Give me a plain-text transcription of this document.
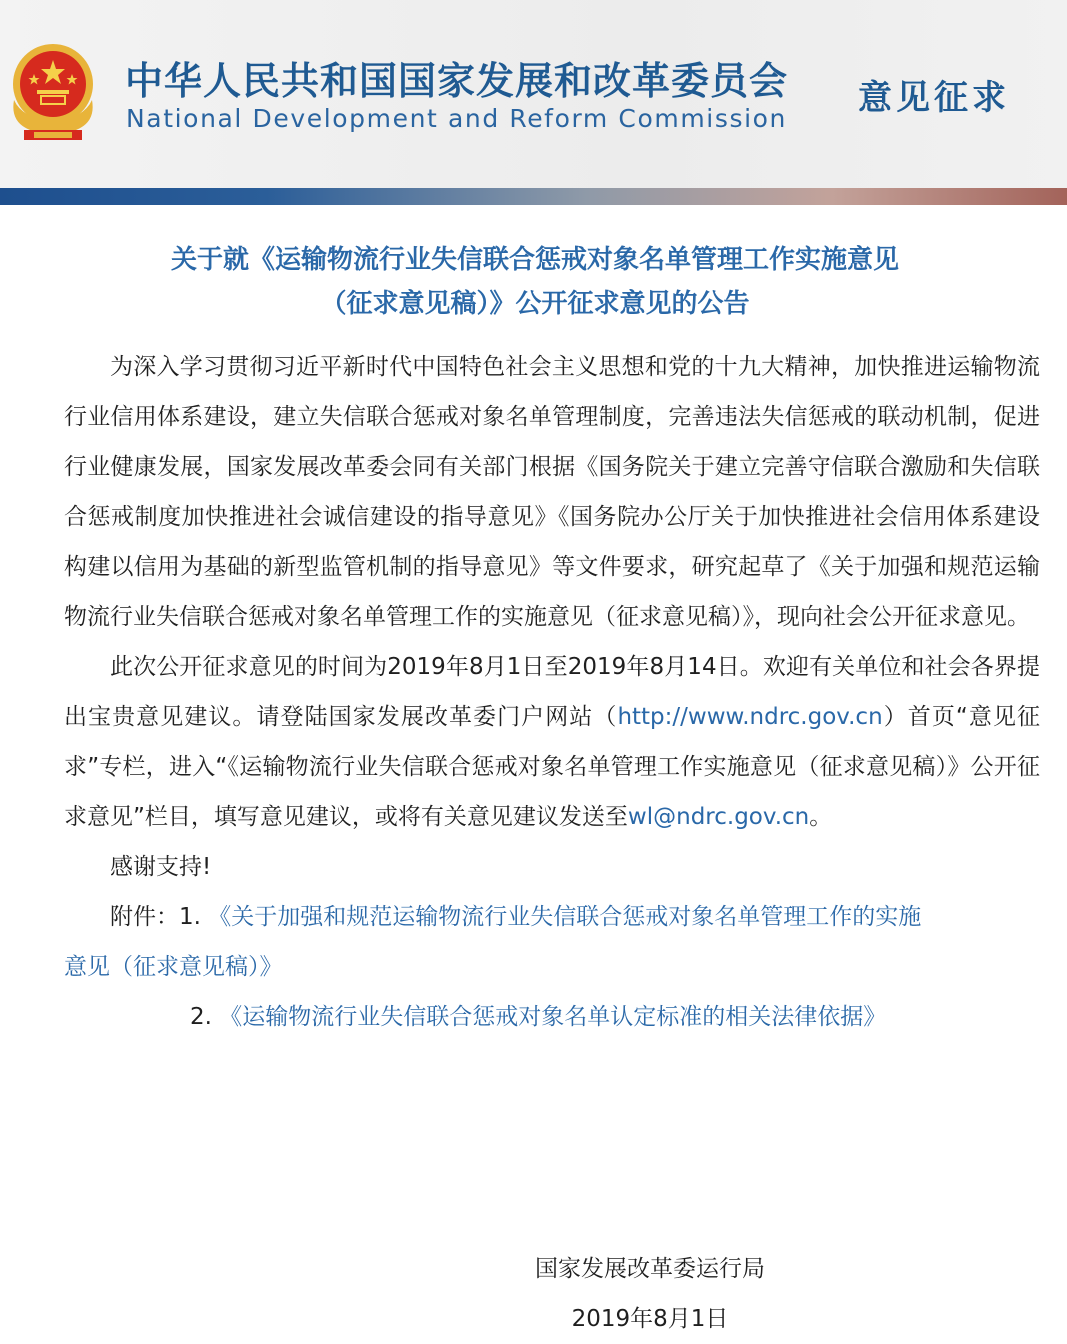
中华人民共和国国家发展和改革委员会
National Development and Reform Commission
意见征求
关于就《运输物流行业失信联合惩戒对象名单管理工作实施意见
（征求意见稿）》公开征求意见的公告

为深入学习贯彻习近平新时代中国特色社会主义思想和党的十九大精神，加快推进运输物流行业信用体系建设，建立失信联合惩戒对象名单管理制度，完善违法失信惩戒的联动机制，促进行业健康发展，国家发展改革委会同有关部门根据《国务院关于建立完善守信联合激励和失信联合惩戒制度加快推进社会诚信建设的指导意见》《国务院办公厅关于加快推进社会信用体系建设构建以信用为基础的新型监管机制的指导意见》等文件要求，研究起草了《关于加强和规范运输物流行业失信联合惩戒对象名单管理工作的实施意见（征求意见稿）》，现向社会公开征求意见。

此次公开征求意见的时间为2019年8月1日至2019年8月14日。欢迎有关单位和社会各界提出宝贵意见建议。请登陆国家发展改革委门户网站（http://www.ndrc.gov.cn）首页“意见征求”专栏，进入“《运输物流行业失信联合惩戒对象名单管理工作实施意见（征求意见稿）》公开征求意见”栏目，填写意见建议，或将有关意见建议发送至wl@ndrc.gov.cn。

感谢支持!

附件：1. 《关于加强和规范运输物流行业失信联合惩戒对象名单管理工作的实施

意见（征求意见稿）》

2. 《运输物流行业失信联合惩戒对象名单认定标准的相关法律依据》

国家发展改革委运行局
2019年8月1日
